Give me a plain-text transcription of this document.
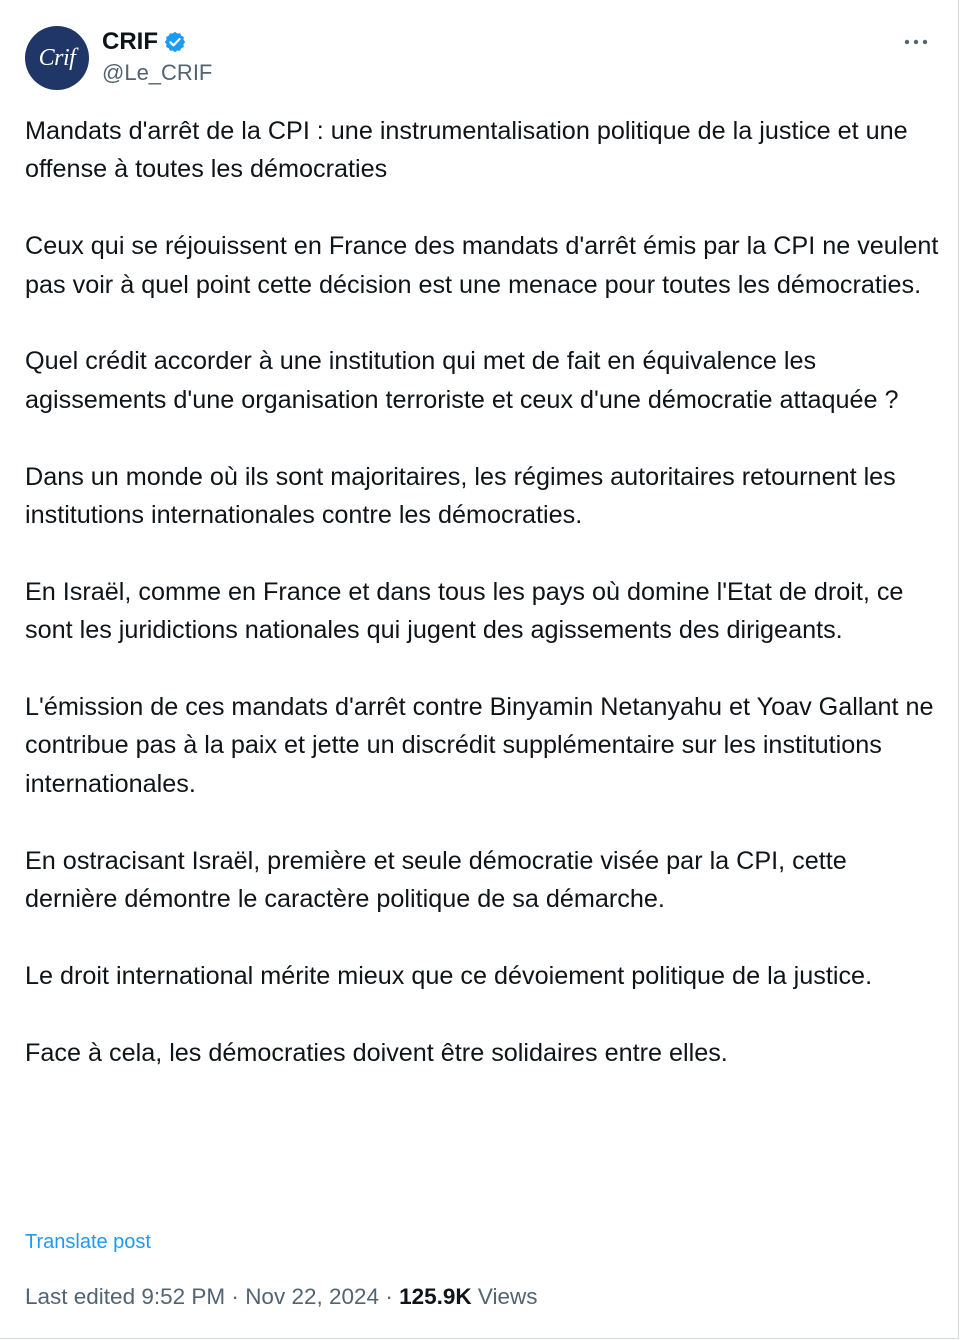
Crif
CRIF
@Le_CRIF

Mandats d'arrêt de la CPI : une instrumentalisation politique de la justice et une offense à toutes les démocraties

Ceux qui se réjouissent en France des mandats d'arrêt émis par la CPI ne veulent pas voir à quel point cette décision est une menace pour toutes les démocraties.

Quel crédit accorder à une institution qui met de fait en équivalence les agissements d'une organisation terroriste et ceux d'une démocratie attaquée ?

Dans un monde où ils sont majoritaires, les régimes autoritaires retournent les institutions internationales contre les démocraties.

En Israël, comme en France et dans tous les pays où domine l'Etat de droit, ce sont les juridictions nationales qui jugent des agissements des dirigeants.

L'émission de ces mandats d'arrêt contre Binyamin Netanyahu et Yoav Gallant ne contribue pas à la paix et jette un discrédit supplémentaire sur les institutions internationales.

En ostracisant Israël, première et seule démocratie visée par la CPI, cette dernière démontre le caractère politique de sa démarche.

Le droit international mérite mieux que ce dévoiement politique de la justice.

Face à cela, les démocraties doivent être solidaires entre elles.

Translate post
Last edited 9:52 PM · Nov 22, 2024 · 125.9K Views
